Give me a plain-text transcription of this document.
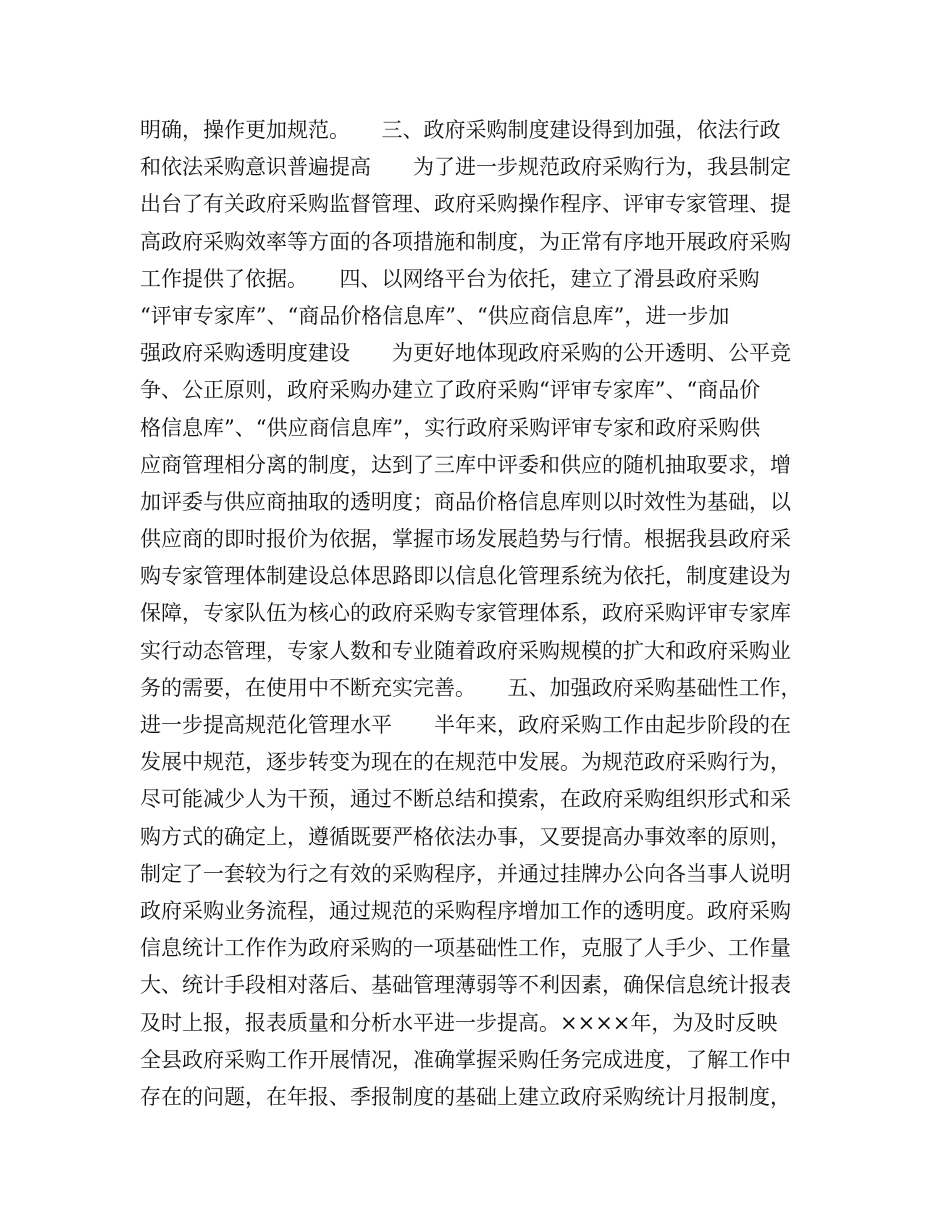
明确，操作更加规范。　　三、政府采购制度建设得到加强，依法行政
和依法采购意识普遍提高　　为了进一步规范政府采购行为，我县制定
出台了有关政府采购监督管理、政府采购操作程序、评审专家管理、提
高政府采购效率等方面的各项措施和制度，为正常有序地开展政府采购
工作提供了依据。　　四、以网络平台为依托，建立了滑县政府采购
“评审专家库”、“商品价格信息库”、“供应商信息库”，进一步加
强政府采购透明度建设　　为更好地体现政府采购的公开透明、公平竞
争、公正原则，政府采购办建立了政府采购“评审专家库”、“商品价
格信息库”、“供应商信息库”，实行政府采购评审专家和政府采购供
应商管理相分离的制度，达到了三库中评委和供应的随机抽取要求，增
加评委与供应商抽取的透明度；商品价格信息库则以时效性为基础，以
供应商的即时报价为依据，掌握市场发展趋势与行情。根据我县政府采
购专家管理体制建设总体思路即以信息化管理系统为依托，制度建设为
保障，专家队伍为核心的政府采购专家管理体系，政府采购评审专家库
实行动态管理，专家人数和专业随着政府采购规模的扩大和政府采购业
务的需要，在使用中不断充实完善。　　五、加强政府采购基础性工作，
进一步提高规范化管理水平　　半年来，政府采购工作由起步阶段的在
发展中规范，逐步转变为现在的在规范中发展。为规范政府采购行为，
尽可能减少人为干预，通过不断总结和摸索，在政府采购组织形式和采
购方式的确定上，遵循既要严格依法办事，又要提高办事效率的原则，
制定了一套较为行之有效的采购程序，并通过挂牌办公向各当事人说明
政府采购业务流程，通过规范的采购程序增加工作的透明度。政府采购
信息统计工作作为政府采购的一项基础性工作，克服了人手少、工作量
大、统计手段相对落后、基础管理薄弱等不利因素，确保信息统计报表
及时上报，报表质量和分析水平进一步提高。××××年，为及时反映
全县政府采购工作开展情况，准确掌握采购任务完成进度，了解工作中
存在的问题，在年报、季报制度的基础上建立政府采购统计月报制度，
